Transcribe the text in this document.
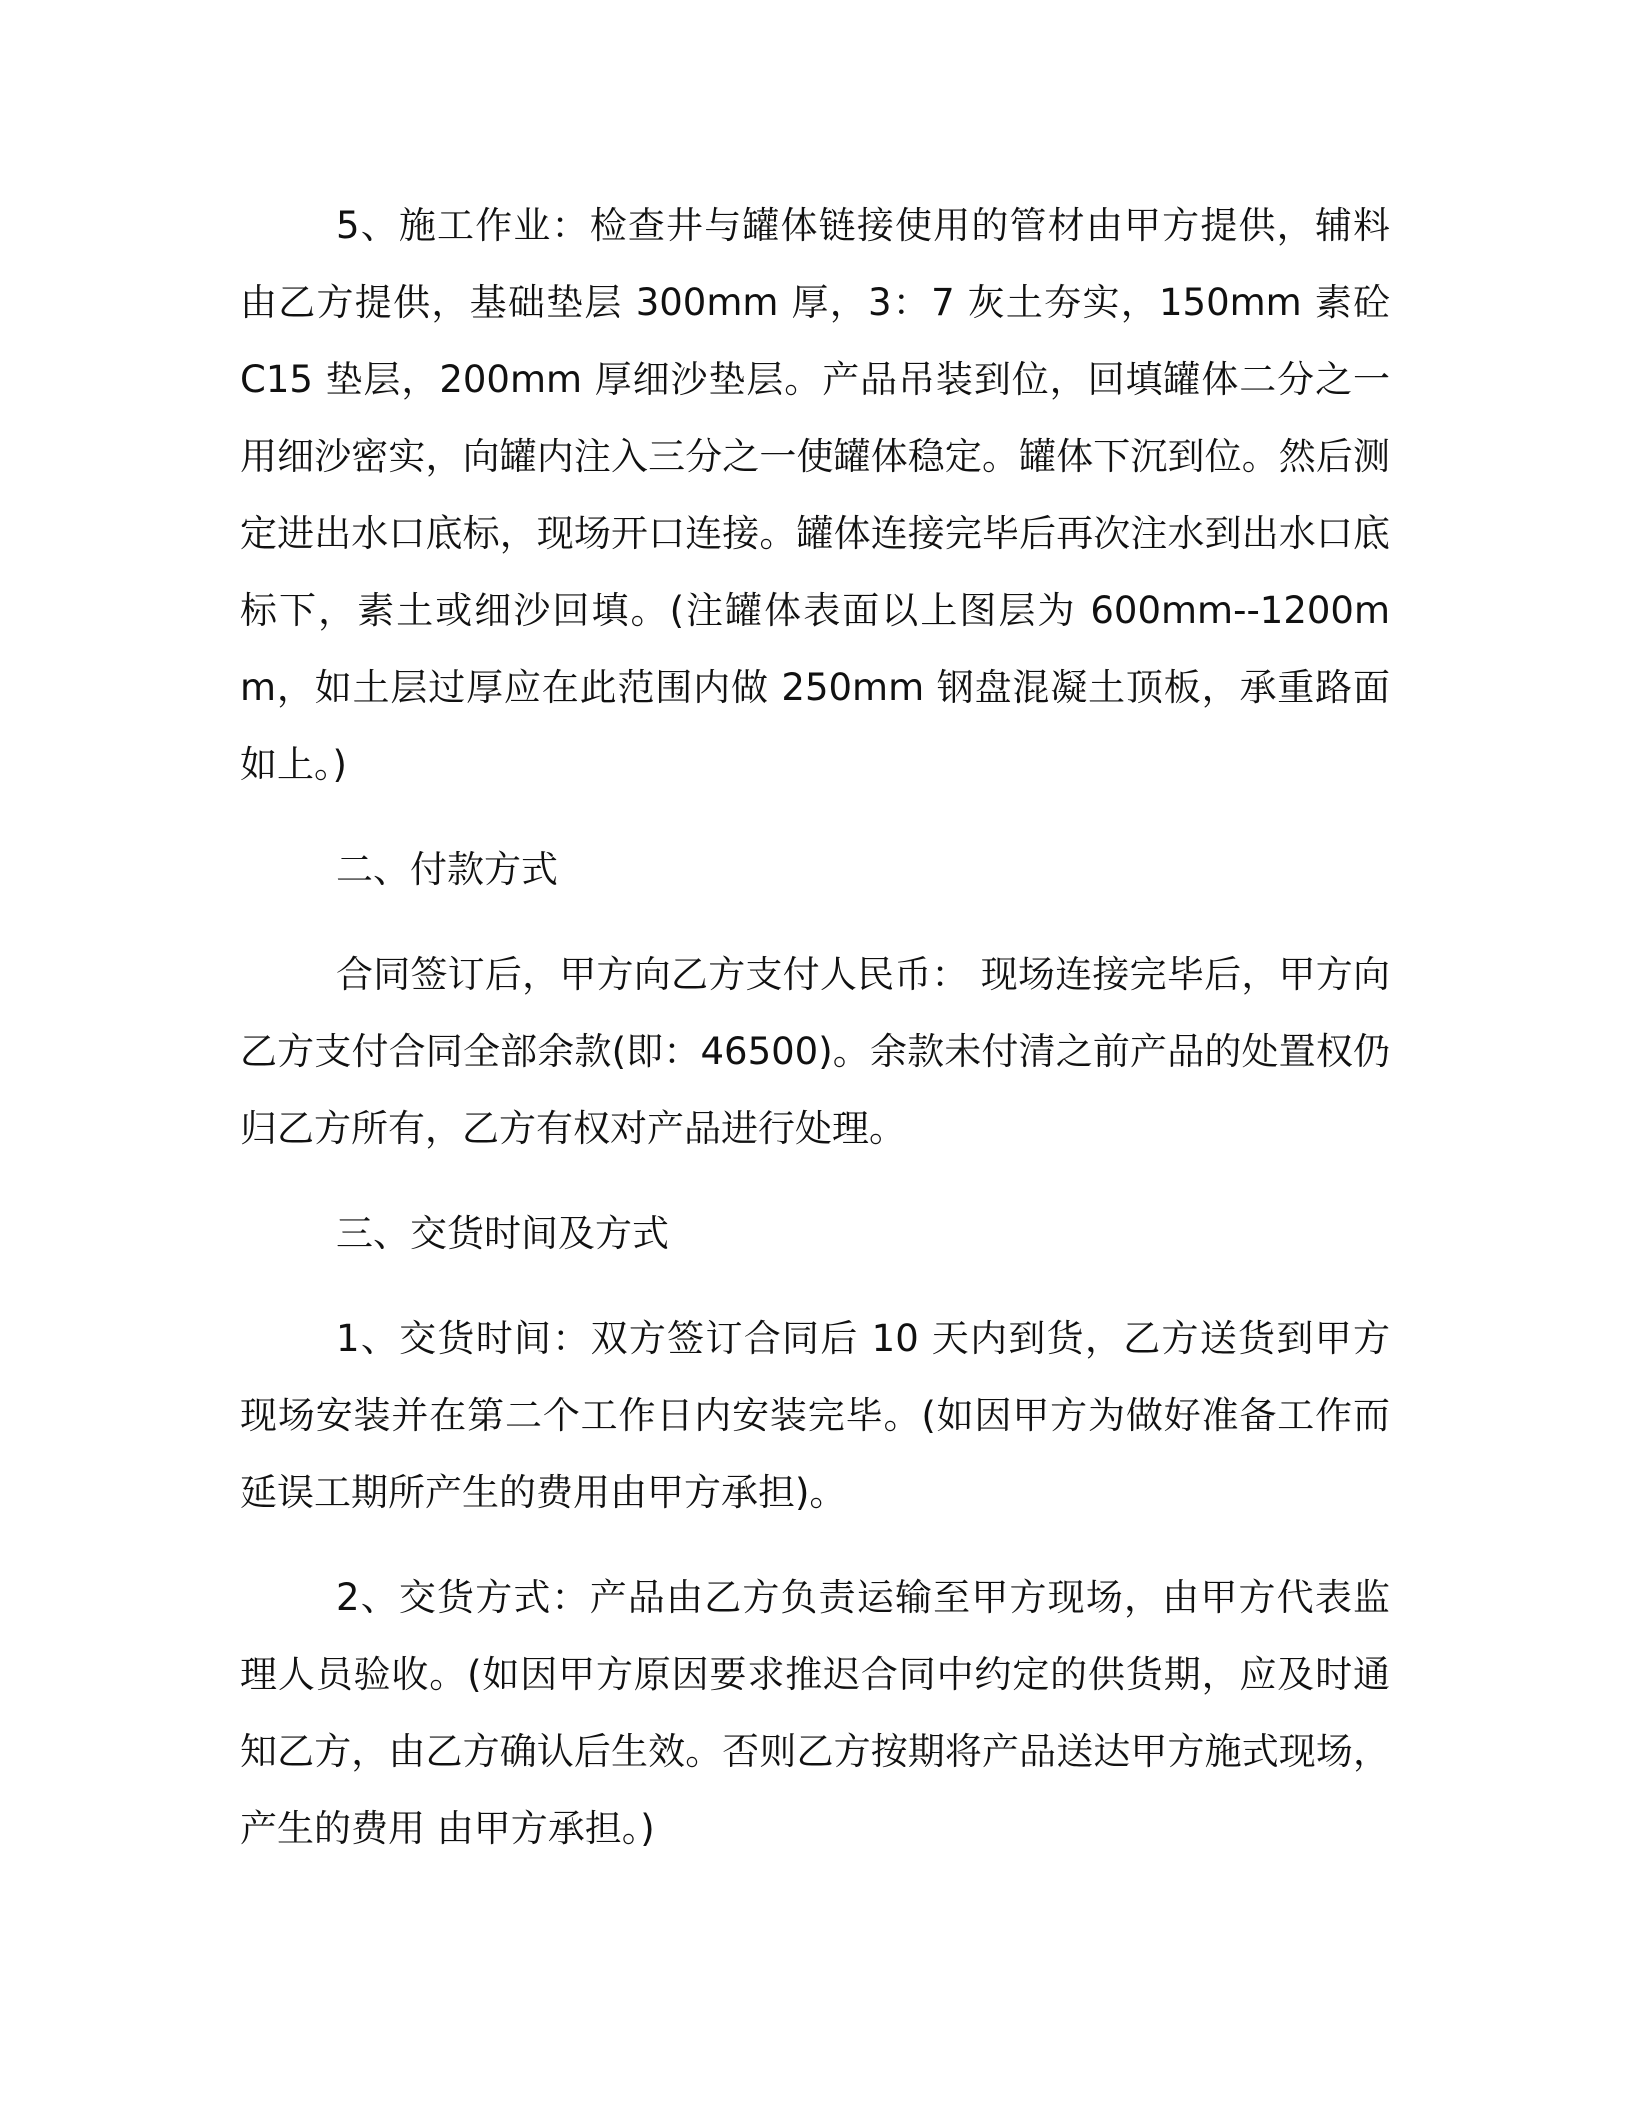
5、施工作业：检查井与罐体链接使用的管材由甲方提供，辅料由乙方提供，基础垫层 300mm 厚，3：7 灰土夯实，150mm 素砼 C15 垫层，200mm 厚细沙垫层。产品吊装到位，回填罐体二分之一用细沙密实，向罐内注入三分之一使罐体稳定。罐体下沉到位。然后测定进出水口底标，现场开口连接。罐体连接完毕后再次注水到出水口底标下，素土或细沙回填。(注罐体表面以上图层为 600mm--1200mm，如土层过厚应在此范围内做 250mm 钢盘混凝土顶板，承重路面如上。)

二、付款方式

合同签订后，甲方向乙方支付人民币： 现场连接完毕后，甲方向乙方支付合同全部余款(即：46500)。余款未付清之前产品的处置权仍归乙方所有，乙方有权对产品进行处理。

三、交货时间及方式

1、交货时间：双方签订合同后 10 天内到货，乙方送货到甲方现场安装并在第二个工作日内安装完毕。(如因甲方为做好准备工作而延误工期所产生的费用由甲方承担)。

2、交货方式：产品由乙方负责运输至甲方现场，由甲方代表监理人员验收。(如因甲方原因要求推迟合同中约定的供货期，应及时通知乙方，由乙方确认后生效。否则乙方按期将产品送达甲方施式现场，产生的费用 由甲方承担。)
